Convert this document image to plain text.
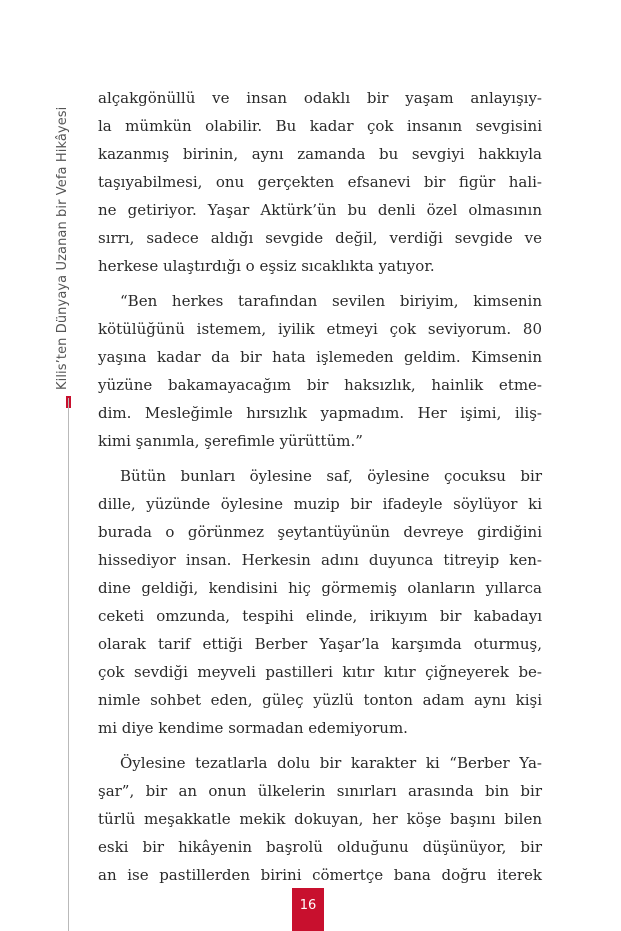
Kilis’ten Dünyaya Uzanan bir Vefa Hikâyesi

alçakgönüllü ve insan odaklı bir yaşam anlayışıy-
la mümkün olabilir. Bu kadar çok insanın sevgisini
kazanmış birinin, aynı zamanda bu sevgiyi hakkıyla
taşıyabilmesi, onu gerçekten efsanevi bir figür hali-
ne getiriyor. Yaşar Aktürk’ün bu denli özel olmasının
sırrı, sadece aldığı sevgide değil, verdiği sevgide ve
herkese ulaştırdığı o eşsiz sıcaklıkta yatıyor.

“Ben herkes tarafından sevilen biriyim, kimsenin
kötülüğünü istemem, iyilik etmeyi çok seviyorum. 80
yaşına kadar da bir hata işlemeden geldim. Kimsenin
yüzüne bakamayacağım bir haksızlık, hainlik etme-
dim. Mesleğimle hırsızlık yapmadım. Her işimi, iliş-
kimi şanımla, şerefimle yürüttüm.”

Bütün bunları öylesine saf, öylesine çocuksu bir
dille, yüzünde öylesine muzip bir ifadeyle söylüyor ki
burada o görünmez şeytantüyünün devreye girdiğini
hissediyor insan. Herkesin adını duyunca titreyip ken-
dine geldiği, kendisini hiç görmemiş olanların yıllarca
ceketi omzunda, tespihi elinde, irikıyım bir kabadayı
olarak tarif ettiği Berber Yaşar’la karşımda oturmuş,
çok sevdiği meyveli pastilleri kıtır kıtır çiğneyerek be-
nimle sohbet eden, güleç yüzlü tonton adam aynı kişi
mi diye kendime sormadan edemiyorum.

Öylesine tezatlarla dolu bir karakter ki “Berber Ya-
şar”, bir an onun ülkelerin sınırları arasında bin bir
türlü meşakkatle mekik dokuyan, her köşe başını bilen
eski bir hikâyenin başrolü olduğunu düşünüyor, bir
an ise pastillerden birini cömertçe bana doğru iterek

16
